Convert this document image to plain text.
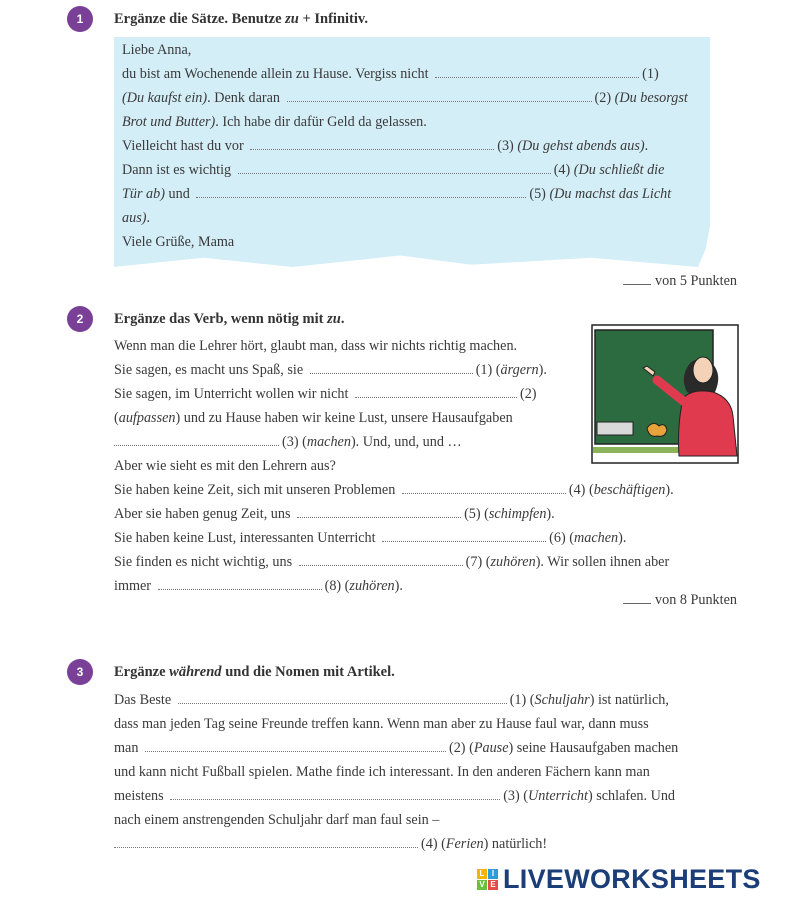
1	Ergänze die Sätze. Benutze zu + Infinitiv.
Liebe Anna,
du bist am Wochenende allein zu Hause. Vergiss nicht	(1)
(Du kaufst ein). Denk daran	(2) (Du besorgst
Brot und Butter). Ich habe dir dafür Geld da gelassen.
Vielleicht hast du vor	(3) (Du gehst abends aus).
Dann ist es wichtig	(4) (Du schließt die
Tür ab) und	(5) (Du machst das Licht
aus).
Viele Grüße, Mama
von 5 Punkten
2	Ergänze das Verb, wenn nötig mit zu.
Wenn man die Lehrer hört, glaubt man, dass wir nichts richtig machen.
Sie sagen, es macht uns Spaß, sie	(1) (ärgern).
Sie sagen, im Unterricht wollen wir nicht	(2)
(aufpassen) und zu Hause haben wir keine Lust, unsere Hausaufgaben
(3) (machen). Und, und, und …
Aber wie sieht es mit den Lehrern aus?
Sie haben keine Zeit, sich mit unseren Problemen	(4) (beschäftigen).
Aber sie haben genug Zeit, uns	(5) (schimpfen).
Sie haben keine Lust, interessanten Unterricht	(6) (machen).
Sie finden es nicht wichtig, uns	(7) (zuhören). Wir sollen ihnen aber
immer	(8) (zuhören).
von 8 Punkten
3	Ergänze während und die Nomen mit Artikel.
Das Beste	(1) (Schuljahr) ist natürlich,
dass man jeden Tag seine Freunde treffen kann. Wenn man aber zu Hause faul war, dann muss
man	(2) (Pause) seine Hausaufgaben machen
und kann nicht Fußball spielen. Mathe finde ich interessant. In den anderen Fächern kann man
meistens	(3) (Unterricht) schlafen. Und
nach einem anstrengenden Schuljahr darf man faul sein –
(4) (Ferien) natürlich!
L I
V E LIVEWORKSHEETS
